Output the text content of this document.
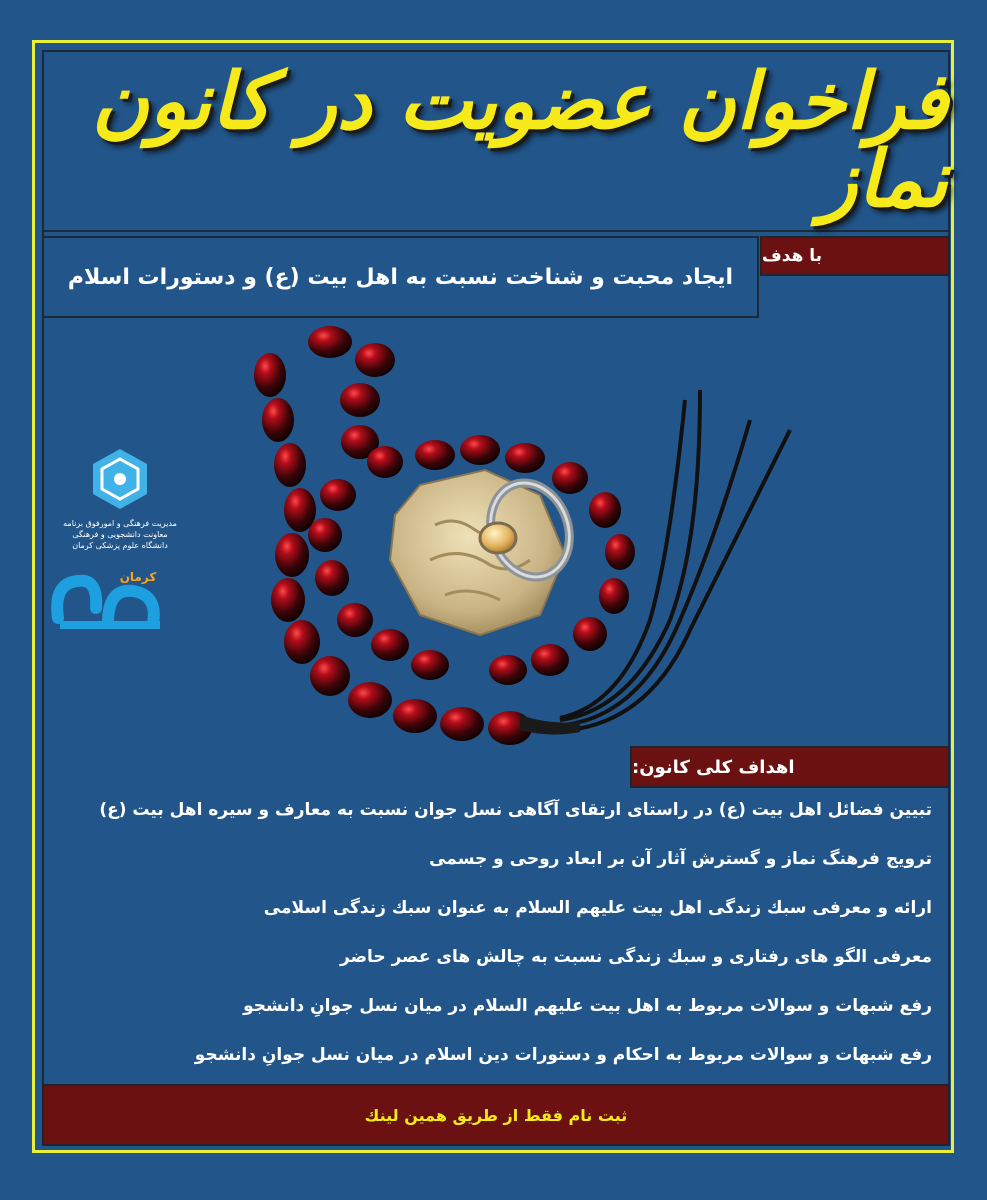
فراخوان عضویت در کانون نماز
ایجاد محبت و شناخت نسبت به اهل بیت (ع) و دستورات اسلام
با هدف
مدیریت فرهنگی و امورفوق برنامه
معاونت دانشجویی و فرهنگی
دانشگاه علوم پزشکی کرمان
کرمان
اهداف کلی کانون:
تبیین فضائل اهل بیت (ع) در راستای ارتقای آگاهی نسل جوان نسبت به معارف و سیره اهل بیت (ع)
ترویج فرهنگ نماز و گسترش آثار آن بر ابعاد روحی و جسمی
ارائه و معرفی سبك زندگی اهل بیت علیهم السلام به عنوان سبك زندگی اسلامی
معرفی الگو های رفتاری و سبك زندگی نسبت به چالش های عصر حاضر
رفع شبهات و سوالات مربوط به اهل بیت علیهم السلام در میان نسل جوانِ دانشجو
رفع شبهات و سوالات مربوط به احکام و دستورات دین اسلام در میان نسل جوانِ دانشجو
ثبت نام فقط از طریق همین لینك
